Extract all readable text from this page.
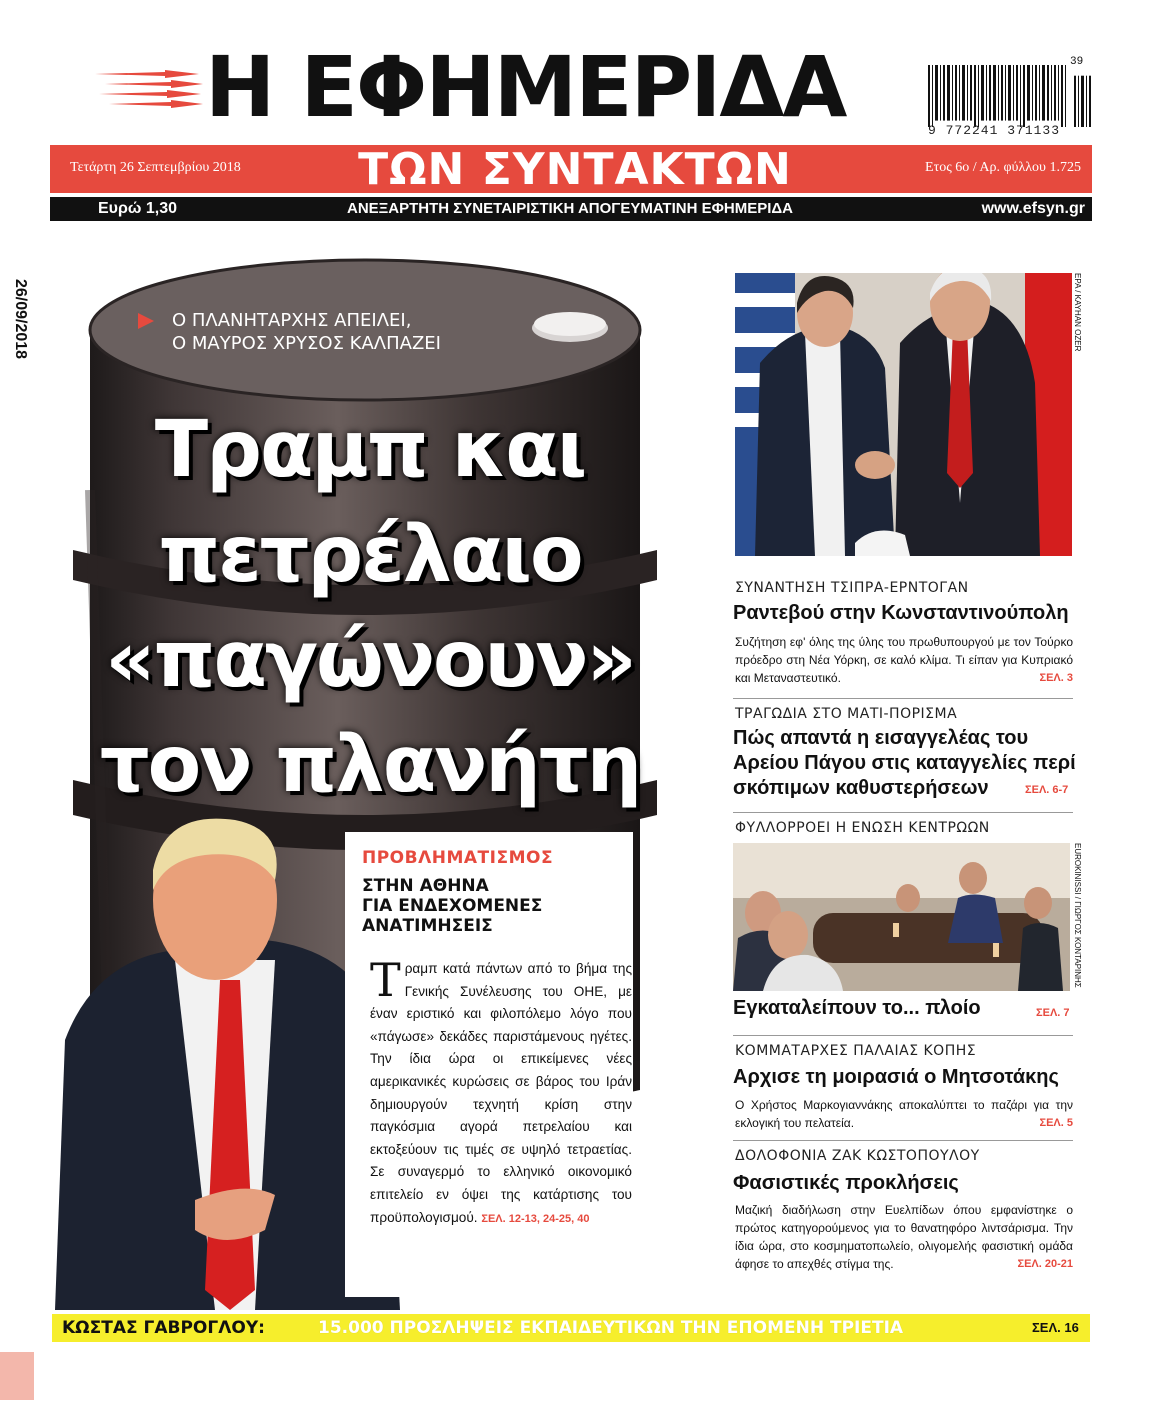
Η ΕΦΗΜΕΡΙΔΑ	39
9 772241 371133
Τετάρτη 26 Σεπτεμβρίου 2018	ΤΩΝ ΣΥΝΤΑΚΤΩΝ	Ετος 6ο / Αρ. φύλλου 1.725
Ευρώ 1,30	ΑΝΕΞΑΡΤΗΤΗ ΣΥΝΕΤΑΙΡΙΣΤΙΚΗ ΑΠΟΓΕΥΜΑΤΙΝΗ ΕΦΗΜΕΡΙΔΑ	www.efsyn.gr
26/09/2018	Ο ΠΛΑΝΗΤΑΡΧΗΣ ΑΠΕΙΛΕΙ,
Ο ΜΑΥΡΟΣ ΧΡΥΣΟΣ ΚΑΛΠΑΖΕΙ
Τραμπ και
πετρέλαιο
«παγώνουν»
τον πλανήτη
ΠΡΟΒΛΗΜΑΤΙΣΜΟΣ
ΣΤΗΝ ΑΘΗΝΑ
ΓΙΑ ΕΝΔΕΧΟΜΕΝΕΣ
ΑΝΑΤΙΜΗΣΕΙΣ
Τραμπ κατά πάντων από το βήμα της Γενικής Συνέλευσης του ΟΗΕ, με έναν εριστικό και φιλοπόλεμο λόγο που «πάγωσε» δεκάδες παριστάμενους ηγέτες. Την ίδια ώρα οι επικείμενες νέες αμερικανικές κυρώσεις σε βάρος του Ιράν δημιουργούν τεχνητή κρίση στην παγκόσμια αγορά πετρελαίου και εκτοξεύουν τις τιμές σε υψηλό τετραετίας. Σε συναγερμό το ελληνικό οικονομικό επιτελείο εν όψει της κατάρτισης του προϋπολογισμού. ΣΕΛ. 12-13, 24-25, 40
EPA / KAYHAN OZER
ΣΥΝΑΝΤΗΣΗ ΤΣΙΠΡΑ-ΕΡΝΤΟΓΑΝ
Ραντεβού στην Κωνσταντινούπολη
Συζήτηση εφ' όλης της ύλης του πρωθυπουργού με τον Τούρκο πρόεδρο στη Νέα Υόρκη, σε καλό κλίμα. Τι είπαν για Κυπριακό και Μεταναστευτικό.	ΣΕΛ. 3
ΤΡΑΓΩΔΙΑ ΣΤΟ ΜΑΤΙ-ΠΟΡΙΣΜΑ
Πώς απαντά η εισαγγελέας του
Αρείου Πάγου στις καταγγελίες περί
σκόπιμων καθυστερήσεων	ΣΕΛ. 6-7
ΦΥΛΛΟΡΡΟΕΙ Η ΕΝΩΣΗ ΚΕΝΤΡΩΩΝ
EUROKINISSI / ΓΙΩΡΓΟΣ ΚΟΝΤΑΡΙΝΗΣ
Εγκαταλείπουν το... πλοίο	ΣΕΛ. 7
ΚΟΜΜΑΤΑΡΧΕΣ ΠΑΛΑΙΑΣ ΚΟΠΗΣ
Αρχισε τη μοιρασιά ο Μητσοτάκης
Ο Χρήστος Μαρκογιαννάκης αποκαλύπτει το παζάρι για την εκλογική του πελατεία.	ΣΕΛ. 5
ΔΟΛΟΦΟΝΙΑ ΖΑΚ ΚΩΣΤΟΠΟΥΛΟΥ
Φασιστικές προκλήσεις
Μαζική διαδήλωση στην Ευελπίδων όπου εμφανίστηκε ο πρώτος κατηγορούμενος για το θανατηφόρο λιντσάρισμα. Την ίδια ώρα, στο κοσμηματοπωλείο, ολιγομελής φασιστική ομάδα άφησε το απεχθές στίγμα της.	ΣΕΛ. 20-21
ΚΩΣΤΑΣ ΓΑΒΡΟΓΛΟΥ:	15.000 ΠΡΟΣΛΗΨΕΙΣ ΕΚΠΑΙΔΕΥΤΙΚΩΝ ΤΗΝ ΕΠΟΜΕΝΗ ΤΡΙΕΤΙΑ	ΣΕΛ. 16
